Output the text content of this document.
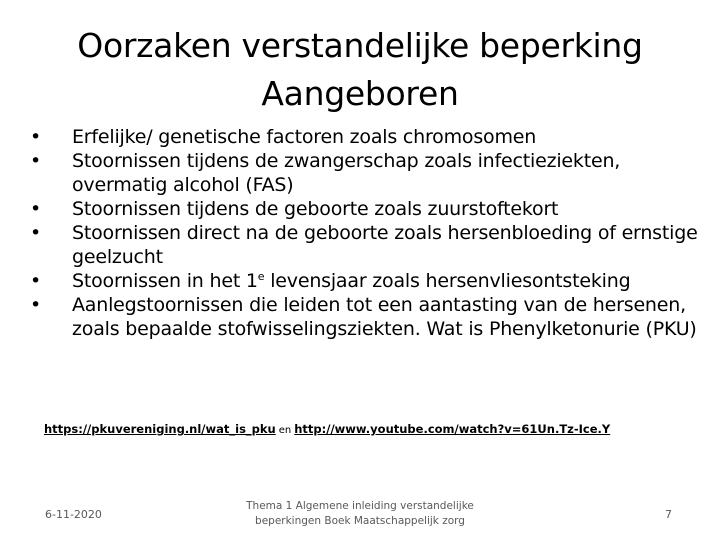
Oorzaken verstandelijke beperking
Aangeboren
•	Erfelijke/ genetische factoren zoals chromosomen
•	Stoornissen tijdens de zwangerschap zoals infectieziekten, overmatig alcohol (FAS)
•	Stoornissen tijdens de geboorte zoals zuurstoftekort
•	Stoornissen direct na de geboorte zoals hersenbloeding of ernstige geelzucht
•	Stoornissen in het 1e levensjaar zoals hersenvliesontsteking
•	Aanlegstoornissen die leiden tot een aantasting van de hersenen, zoals bepaalde stofwisselingsziekten. Wat is Phenylketonurie (PKU)
https://pkuvereniging.nl/wat_is_pku en http://www.youtube.com/watch?v=61Un.Tz-Ice.Y
6-11-2020
Thema 1 Algemene inleiding verstandelijke
beperkingen Boek Maatschappelijk zorg	7
